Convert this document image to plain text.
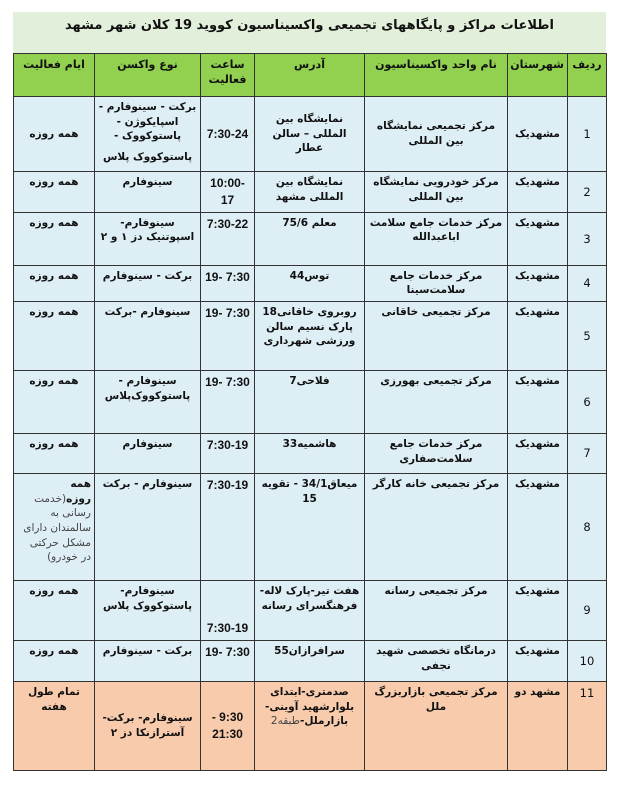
اطلاعات مراکز و پایگاههای تجمیعی واکسیناسیون کووید 19 کلان شهر مشهد
ردیف	شهرستان	نام واحد واکسیناسیون	آدرس	ساعت فعالیت	نوع واکسن	ایام فعالیت
1	مشهدیک	مرکز تجمیعی نمایشگاه بین المللی	نمایشگاه بین المللی – سالن عطار	7:30-24	برکت - سینوفارم - اسپایکوژن - پاستوکووک -
پاستوکووک پلاس	همه روزه
2	مشهدیک	مرکز خودرویی نمایشگاه بین المللی	نمایشگاه بین المللی مشهد	10:00-17	سینوفارم	همه روزه
3	مشهدیک	مرکز خدمات جامع سلامت اباعبدالله	معلم 75/6	7:30-22	سینوفارم- اسپوتنیک دز ۱ و ۲	همه روزه
4	مشهدیک	مرکز خدمات جامع سلامت‌سینا	توس44	7:30 -19	برکت - سینوفارم	همه روزه
5	مشهدیک	مرکز تجمیعی خاقانی	روبروی خاقانی18 پارک نسیم سالن ورزشی شهرداری	7:30 -19	سینوفارم -برکت	همه روزه
6	مشهدیک	مرکز تجمیعی بهورزی	فلاحی7	7:30 -19	سینوفارم - پاستوکووک‌پلاس	همه روزه
7	مشهدیک	مرکز خدمات جامع سلامت‌صفاری	هاشمیه33	7:30-19	سینوفارم	همه روزه
8	مشهدیک	مرکز تجمیعی خانه کارگر	میعاق34/1 - تقویه 15	7:30-19	سینوفارم - برکت	همه روزه(خدمت رسانی به سالمندان دارای مشکل حرکتی در خودرو)
9	مشهدیک	مرکز تجمیعی رسانه	هفت تیر-پارک لاله- فرهنگسرای رسانه	7:30-19	سینوفارم-پاستوکووک پلاس	همه روزه
10	مشهدیک	درمانگاه تخصصی شهید نجفی	سرافرازان55	7:30 -19	برکت - سینوفارم	همه روزه
11	مشهد دو	مرکز تجمیعی بازاربزرگ ملل	صدمتری-ابتدای بلوارشهید آوینی- بازارملل-طبقه2	9:30 - 21:30	سینوفارم- برکت- آسترازنکا دز ۲	تمام طول هفته
